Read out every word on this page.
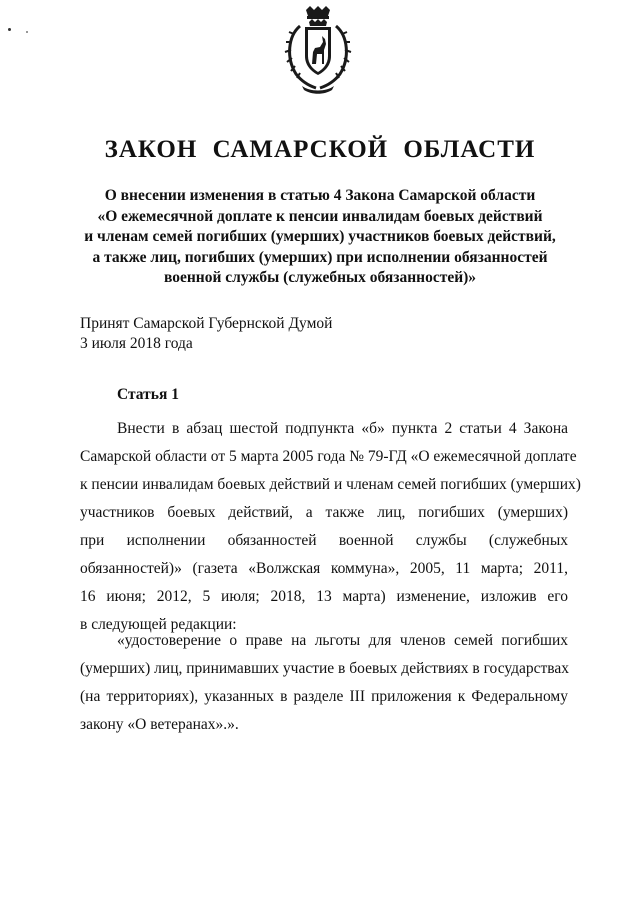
ЗАКОН САМАРСКОЙ ОБЛАСТИ
О внесении изменения в статью 4 Закона Самарской области
«О ежемесячной доплате к пенсии инвалидам боевых действий
и членам семей погибших (умерших) участников боевых действий,
а также лиц, погибших (умерших) при исполнении обязанностей
военной службы (служебных обязанностей)»
Принят Самарской Губернской Думой
3 июля 2018 года
Статья 1
Внести в абзац шестой подпункта «б» пункта 2 статьи 4 Закона
Самарской области от 5 марта 2005 года № 79-ГД «О ежемесячной доплате
к пенсии инвалидам боевых действий и членам семей погибших (умерших)
участников боевых действий, а также лиц, погибших (умерших)
при исполнении обязанностей военной службы (служебных
обязанностей)» (газета «Волжская коммуна», 2005, 11 марта; 2011,
16 июня; 2012, 5 июля; 2018, 13 марта) изменение, изложив его
в следующей редакции:
«удостоверение о праве на льготы для членов семей погибших
(умерших) лиц, принимавших участие в боевых действиях в государствах
(на территориях), указанных в разделе III приложения к Федеральному
закону «О ветеранах».».
